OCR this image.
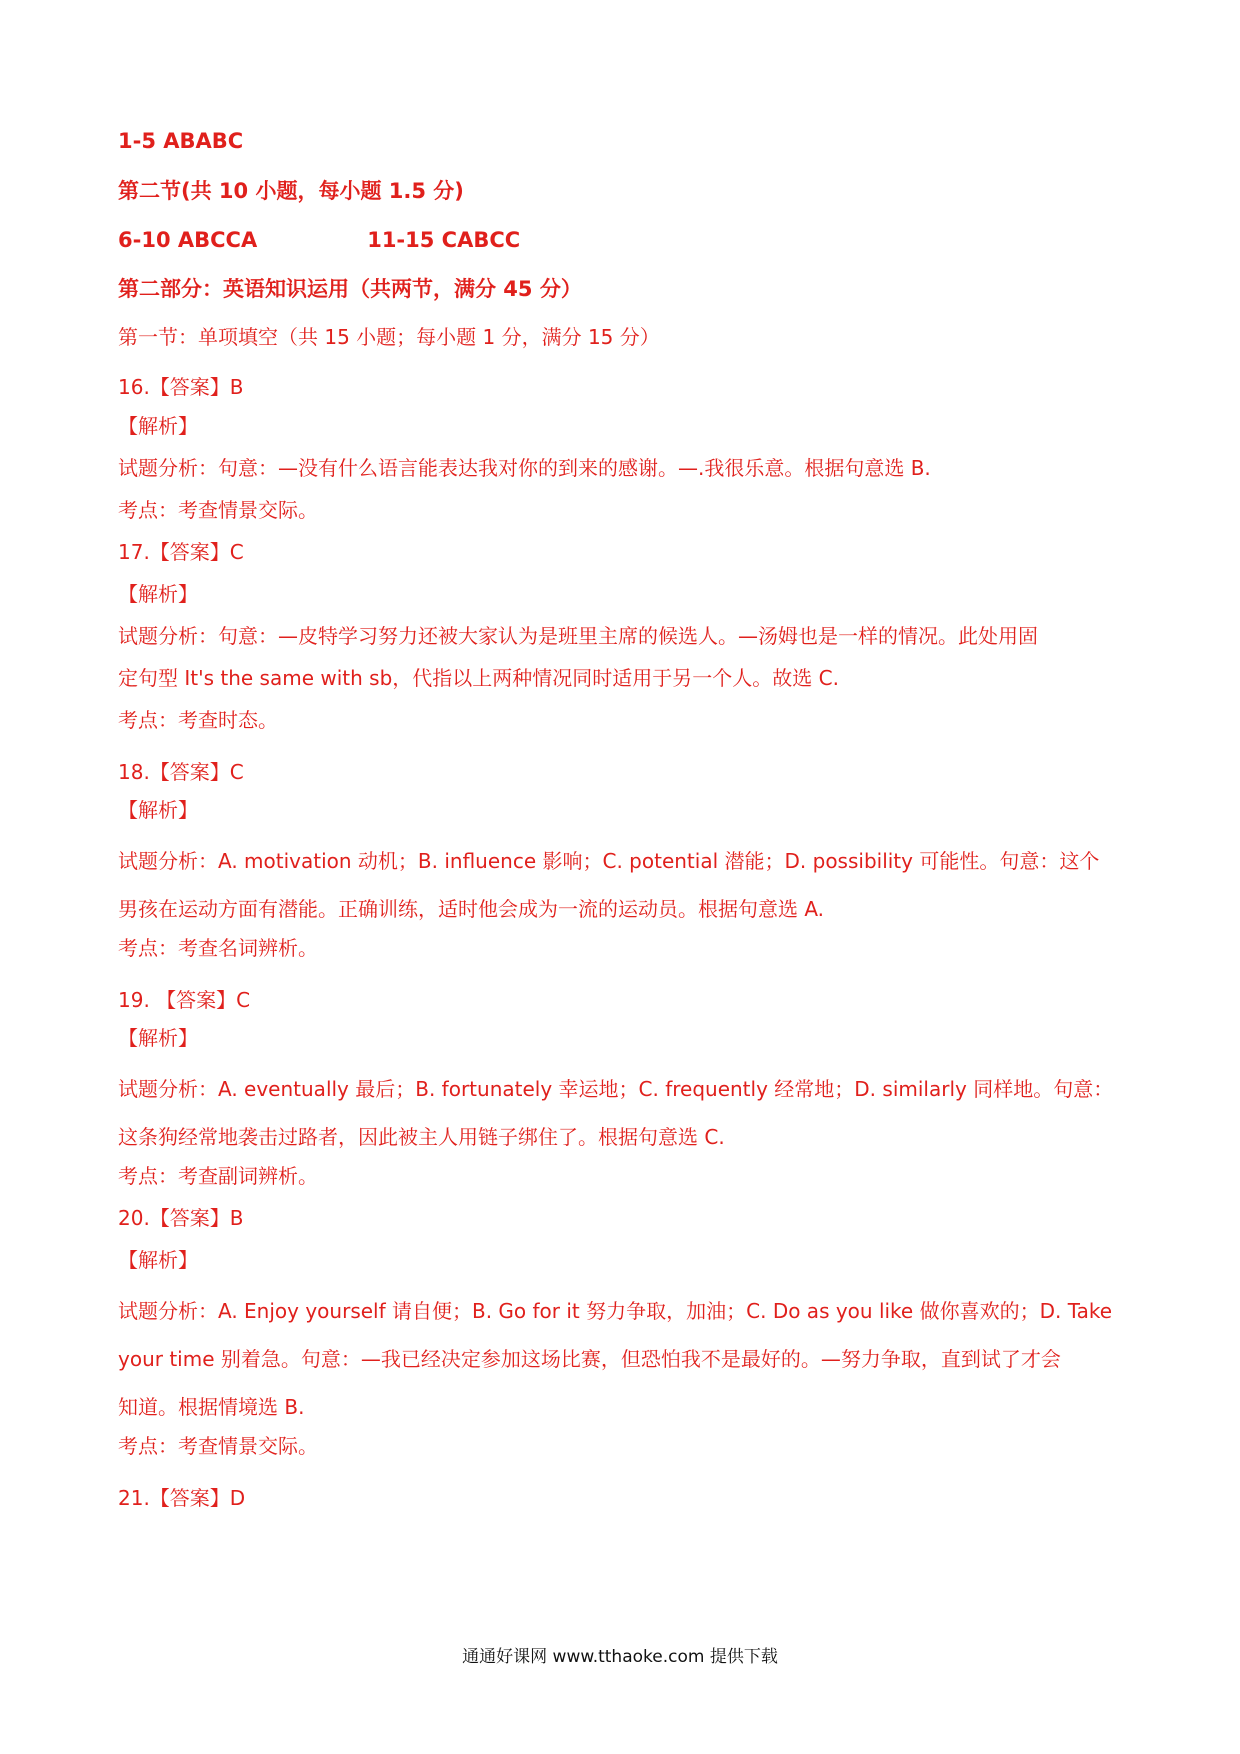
1-5 ABABC
第二节(共 10 小题，每小题 1.5 分)
6-10 ABCCA	11-15 CABCC
第二部分：英语知识运用（共两节，满分 45 分）
第一节：单项填空（共 15 小题；每小题 1 分，满分 15 分）
16.【答案】B
【解析】
试题分析：句意：—没有什么语言能表达我对你的到来的感谢。—.我很乐意。根据句意选 B.
考点：考查情景交际。
17.【答案】C
【解析】
试题分析：句意：—皮特学习努力还被大家认为是班里主席的候选人。—汤姆也是一样的情况。此处用固
定句型 It's the same with sb，代指以上两种情况同时适用于另一个人。故选 C.
考点：考查时态。
18.【答案】C
【解析】
试题分析：A. motivation 动机；B. influence 影响；C. potential 潜能；D. possibility 可能性。句意：这个
男孩在运动方面有潜能。正确训练，适时他会成为一流的运动员。根据句意选 A.
考点：考查名词辨析。
19. 【答案】C
【解析】
试题分析：A. eventually 最后；B. fortunately 幸运地；C. frequently 经常地；D. similarly 同样地。句意：
这条狗经常地袭击过路者，因此被主人用链子绑住了。根据句意选 C.
考点：考查副词辨析。
20.【答案】B
【解析】
试题分析：A. Enjoy yourself 请自便；B. Go for it 努力争取，加油；C. Do as you like 做你喜欢的；D. Take
your time 别着急。句意：—我已经决定参加这场比赛，但恐怕我不是最好的。—努力争取，直到试了才会
知道。根据情境选 B.
考点：考查情景交际。
21.【答案】D
通通好课网 www.tthaoke.com 提供下载
